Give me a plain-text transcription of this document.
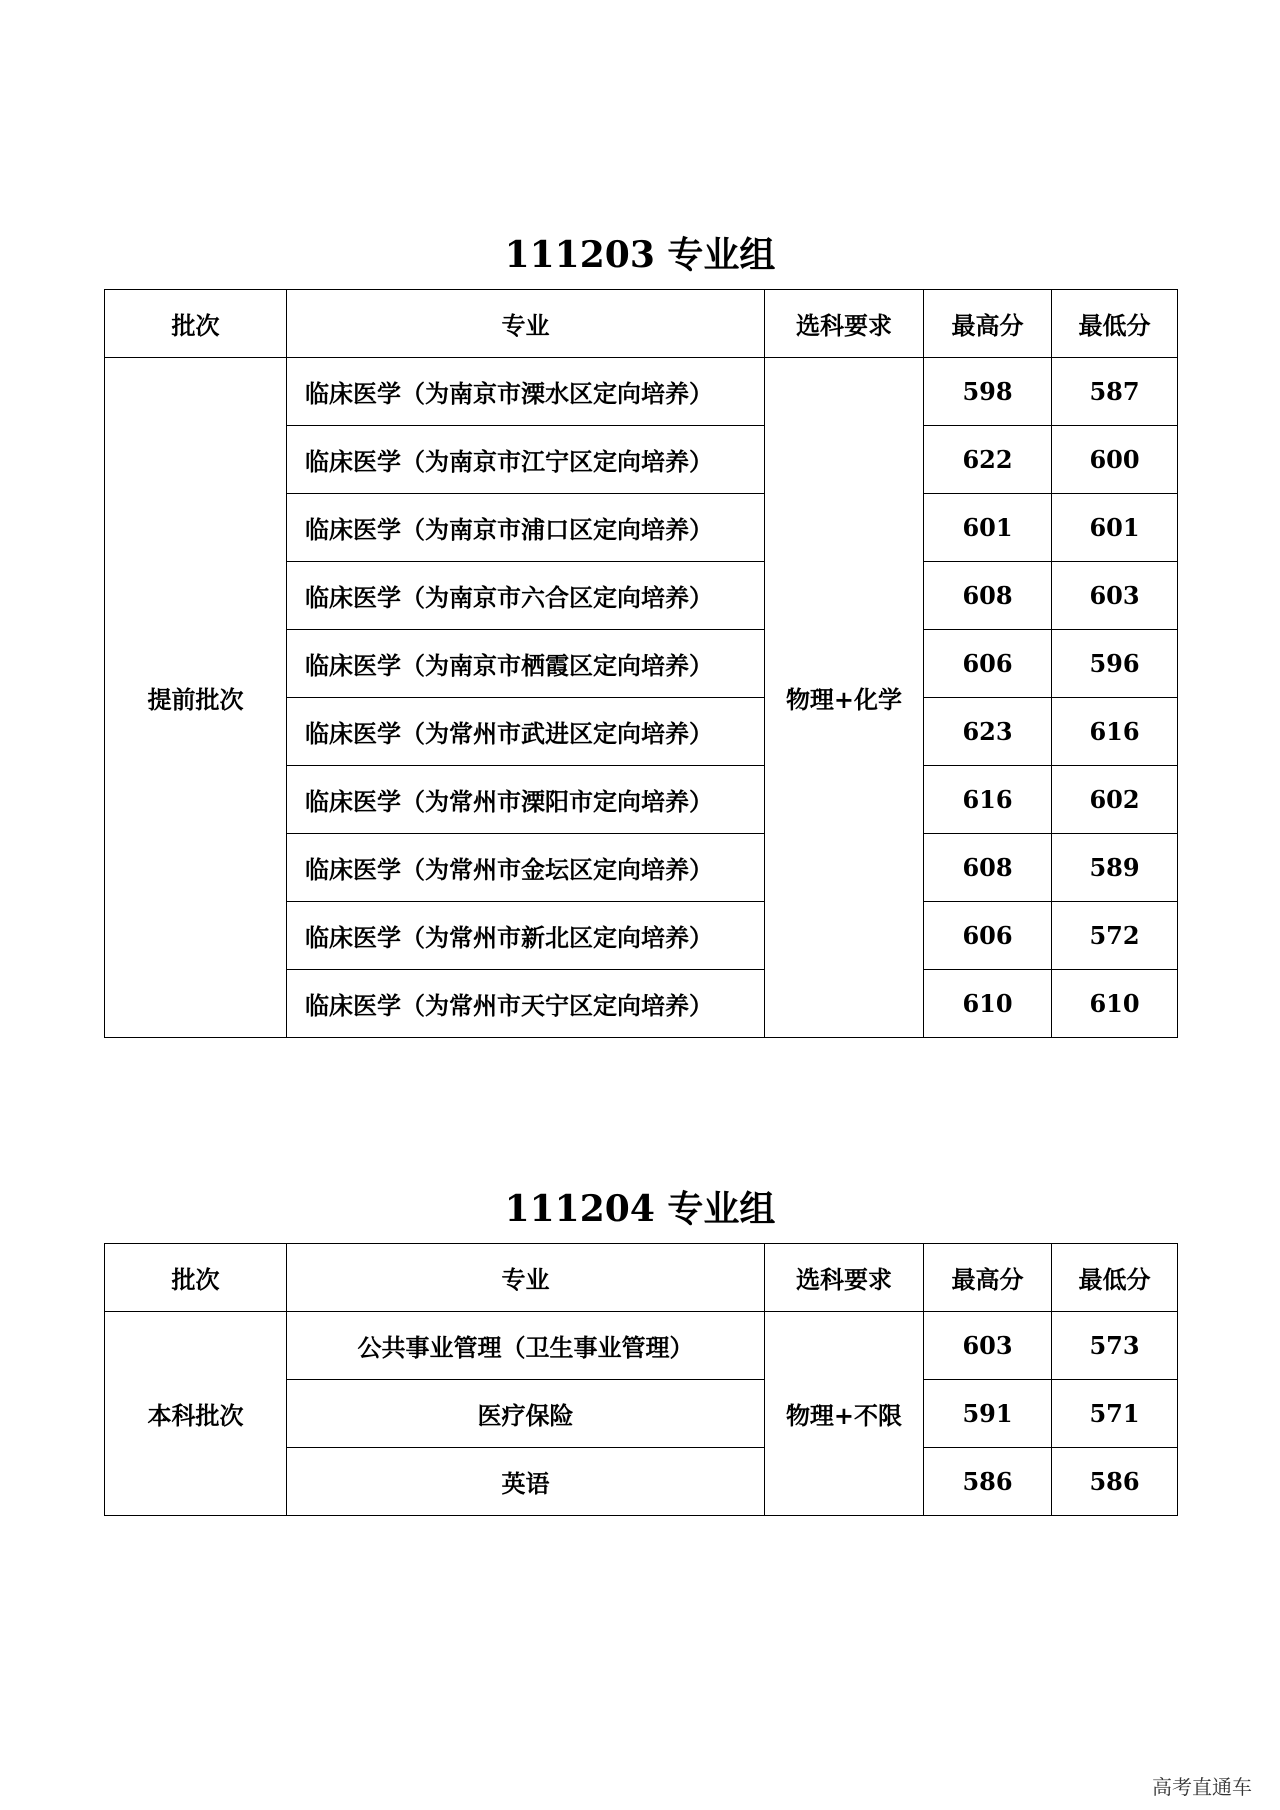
111203 专业组
批次	专业	选科要求	最高分	最低分
提前批次	临床医学（为南京市溧水区定向培养）	物理+化学	598	587
	临床医学（为南京市江宁区定向培养）		622	600
	临床医学（为南京市浦口区定向培养）		601	601
	临床医学（为南京市六合区定向培养）		608	603
	临床医学（为南京市栖霞区定向培养）		606	596
	临床医学（为常州市武进区定向培养）		623	616
	临床医学（为常州市溧阳市定向培养）		616	602
	临床医学（为常州市金坛区定向培养）		608	589
	临床医学（为常州市新北区定向培养）		606	572
	临床医学（为常州市天宁区定向培养）		610	610
111204 专业组
批次	专业	选科要求	最高分	最低分
本科批次	公共事业管理（卫生事业管理）	物理+不限	603	573
	医疗保险		591	571
	英语		586	586
高考直通车
